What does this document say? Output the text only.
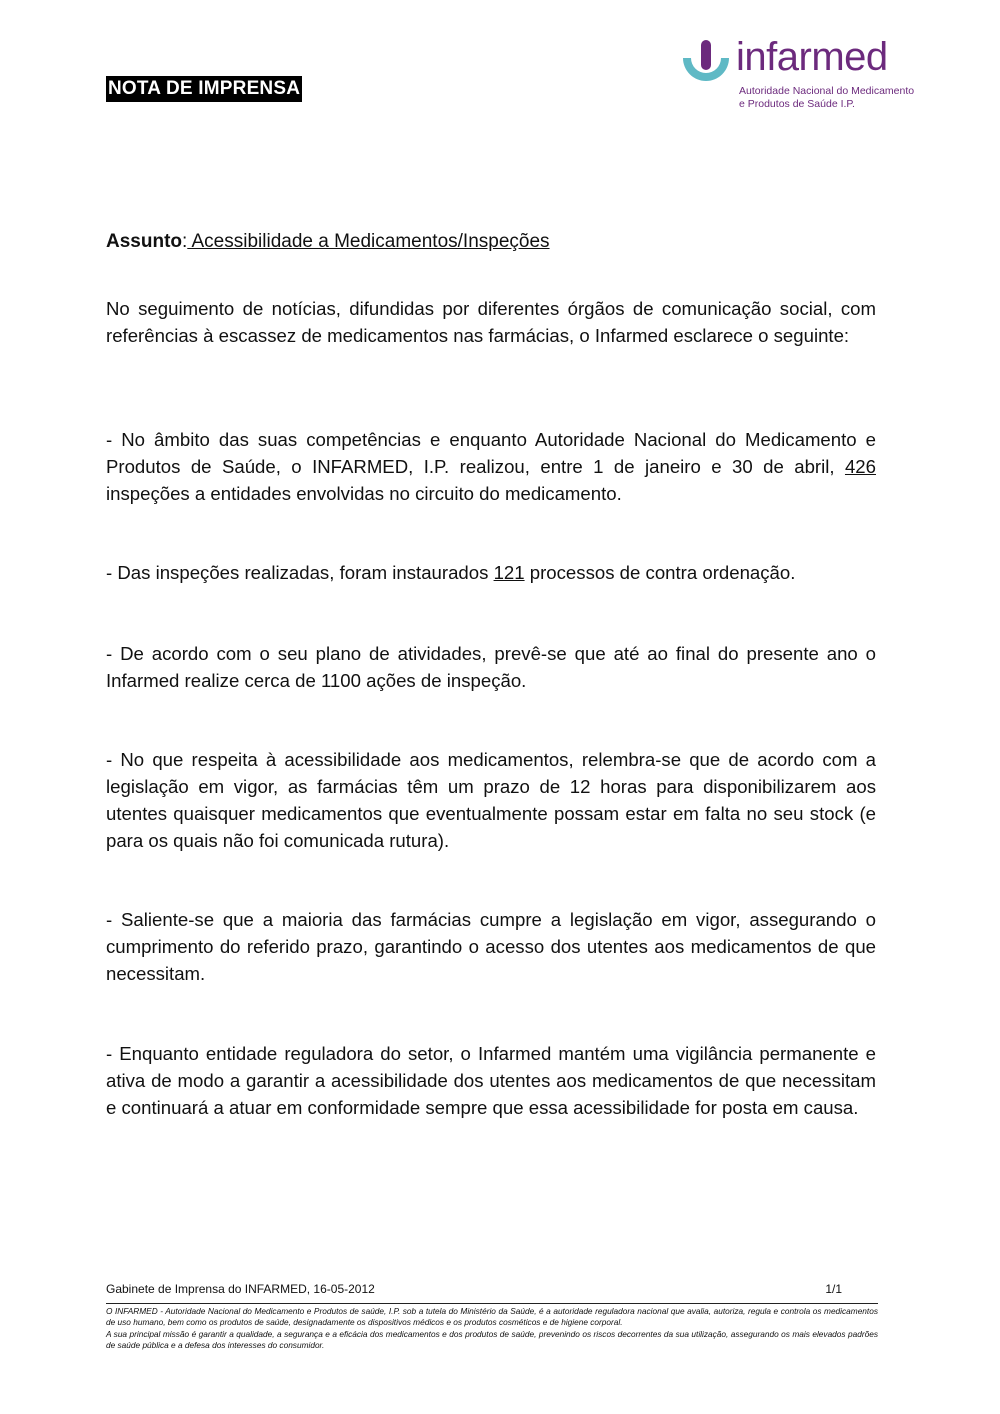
NOTA DE IMPRENSA
infarmed
Autoridade Nacional do Medicamento
e Produtos de Saúde I.P.
Assunto: Acessibilidade a Medicamentos/Inspeções
No seguimento de notícias, difundidas por diferentes órgãos de comunicação social, com referências à escassez de medicamentos nas farmácias, o Infarmed esclarece o seguinte:
- No âmbito das suas competências e enquanto Autoridade Nacional do Medicamento e Produtos de Saúde, o INFARMED, I.P. realizou, entre 1 de janeiro e 30 de abril, 426 inspeções a entidades envolvidas no circuito do medicamento.
- Das inspeções realizadas, foram instaurados 121 processos de contra ordenação.
- De acordo com o seu plano de atividades, prevê-se que até ao final do presente ano o Infarmed realize cerca de 1100 ações de inspeção.
- No que respeita à acessibilidade aos medicamentos, relembra-se que de acordo com a legislação em vigor, as farmácias têm um prazo de 12 horas para disponibilizarem aos utentes quaisquer medicamentos que eventualmente possam estar em falta no seu stock (e para os quais não foi comunicada rutura).
- Saliente-se que a maioria das farmácias cumpre a legislação em vigor, assegurando o cumprimento do referido prazo, garantindo o acesso dos utentes aos medicamentos de que necessitam.
- Enquanto entidade reguladora do setor, o Infarmed mantém uma vigilância permanente e ativa de modo a garantir a acessibilidade dos utentes aos medicamentos de que necessitam e continuará a atuar em conformidade sempre que essa acessibilidade for posta em causa.
Gabinete de Imprensa do INFARMED, 16-05-2012	1/1
O INFARMED - Autoridade Nacional do Medicamento e Produtos de saúde, I.P. sob a tutela do Ministério da Saúde, é a autoridade reguladora nacional que avalia, autoriza, regula e controla os medicamentos de uso humano, bem como os produtos de saúde, designadamente os dispositivos médicos e os produtos cosméticos e de higiene corporal.
A sua principal missão é garantir a qualidade, a segurança e a eficácia dos medicamentos e dos produtos de saúde, prevenindo os riscos decorrentes da sua utilização, assegurando os mais elevados padrões de saúde pública e a defesa dos interesses do consumidor.
